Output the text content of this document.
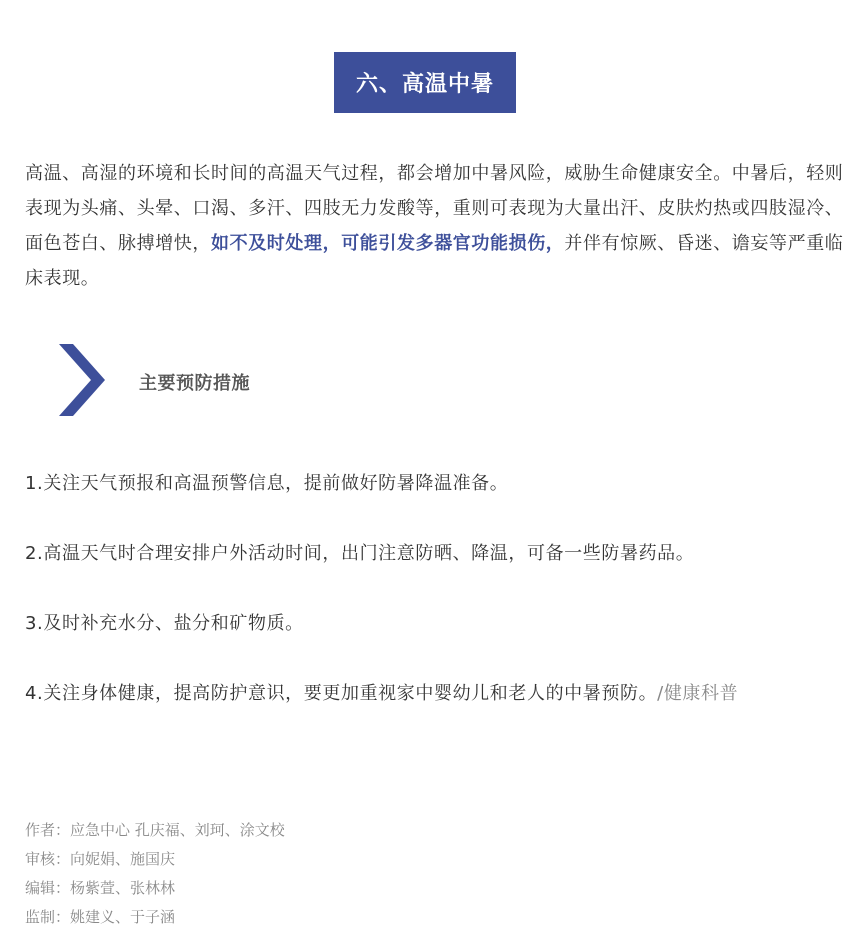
六、高温中暑

高温、高湿的环境和长时间的高温天气过程，都会增加中暑风险，威胁生命健康安全。中暑后，轻则表现为头痛、头晕、口渴、多汗、四肢无力发酸等，重则可表现为大量出汗、皮肤灼热或四肢湿冷、面色苍白、脉搏增快，如不及时处理，可能引发多器官功能损伤，并伴有惊厥、昏迷、谵妄等严重临床表现。

主要预防措施

1.关注天气预报和高温预警信息，提前做好防暑降温准备。

2.高温天气时合理安排户外活动时间，出门注意防晒、降温，可备一些防暑药品。

3.及时补充水分、盐分和矿物质。

4.关注身体健康，提高防护意识，要更加重视家中婴幼儿和老人的中暑预防。/健康科普

作者：应急中心 孔庆福、刘珂、涂文校
审核：向妮娟、施国庆
编辑：杨紫萱、张林林
监制：姚建义、于子涵
